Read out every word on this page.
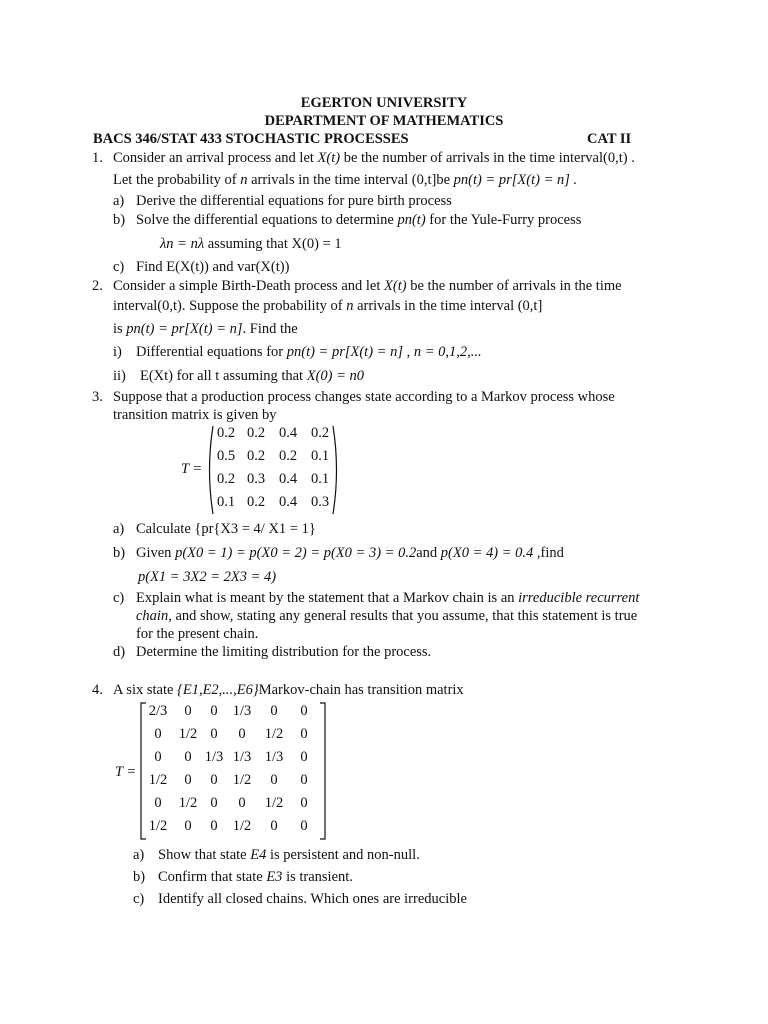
EGERTON UNIVERSITY
DEPARTMENT OF MATHEMATICS
BACS 346/STAT 433 STOCHASTIC PROCESSES	CAT II
1. Consider an arrival process and let X(t) be the number of arrivals in the time interval(0,t) .
Let the probability of n arrivals in the time interval (0,t]be pn(t) = pr[X(t) = n] .
a) Derive the differential equations for pure birth process
b) Solve the differential equations to determine pn(t) for the Yule-Furry process
λn = nλ assuming that X(0) = 1
c) Find E(X(t)) and var(X(t))
2. Consider a simple Birth-Death process and let X(t) be the number of arrivals in the time
interval(0,t). Suppose the probability of n arrivals in the time interval (0,t]
is pn(t) = pr[X(t) = n]. Find the
i) Differential equations for pn(t) = pr[X(t) = n] , n = 0,1,2,...
ii) E(Xt) for all t assuming that X(0) = n0
3. Suppose that a production process changes state according to a Markov process whose
transition matrix is given by
T =
0.2 0.2 0.4 0.2
0.5 0.2 0.2 0.1
0.2 0.3 0.4 0.1
0.1 0.2 0.4 0.3
a) Calculate {pr{X3 = 4/ X1 = 1}
b) Given p(X0 = 1) = p(X0 = 2) = p(X0 = 3) = 0.2and p(X0 = 4) = 0.4 ,find
p(X1 = 3X2 = 2X3 = 4)
c) Explain what is meant by the statement that a Markov chain is an irreducible recurrent
chain, and show, stating any general results that you assume, that this statement is true
for the present chain.
d) Determine the limiting distribution for the process.
4. A six state {E1,E2,...,E6}Markov-chain has transition matrix
T =
2/3	0	0	1/3	0	0
0	1/2 0	0	1/2	0
0	0 1/3 1/3 1/3	0
1/2	0	0	1/2	0	0
0	1/2 0	0	1/2	0
1/2	0	0	1/2	0	0
a) Show that state E4 is persistent and non-null.
b) Confirm that state E3 is transient.
c) Identify all closed chains. Which ones are irreducible
